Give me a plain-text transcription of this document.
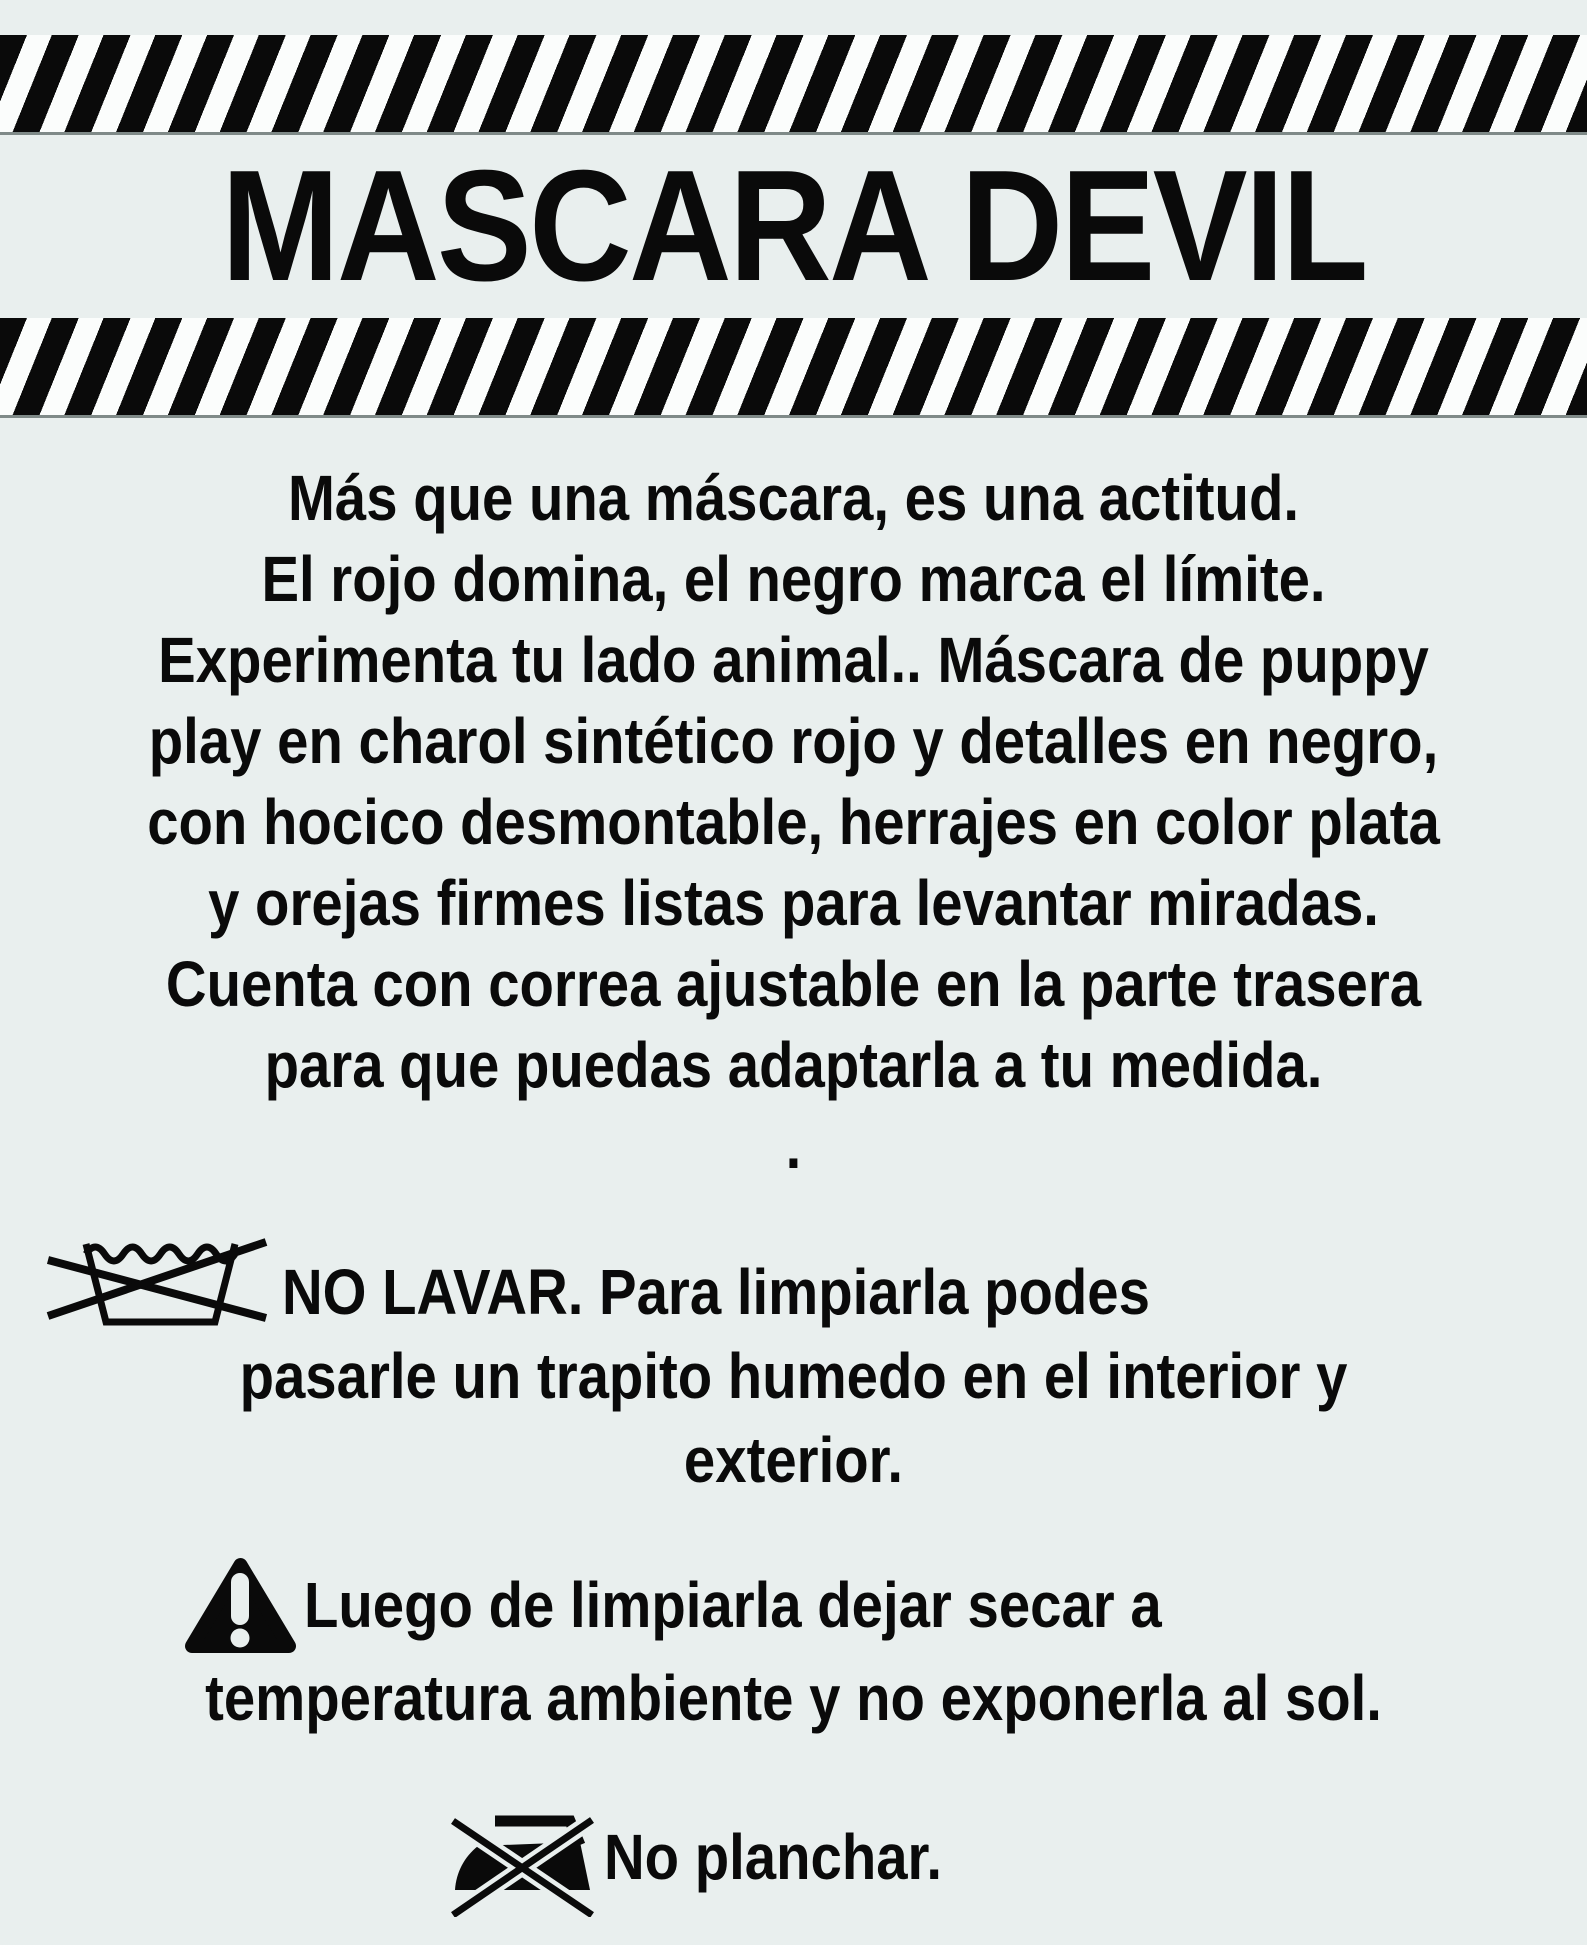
MASCARA DEVIL
Más que una máscara, es una actitud.
El rojo domina, el negro marca el límite.
Experimenta tu lado animal.. Máscara de puppy
play en charol sintético rojo y detalles en negro,
con hocico desmontable, herrajes en color plata
y orejas firmes listas para levantar miradas.
Cuenta con correa ajustable en la parte trasera
para que puedas adaptarla a tu medida.
.
NO LAVAR. Para limpiarla podes
pasarle un trapito humedo en el interior y
exterior.
Luego de limpiarla dejar secar a
temperatura ambiente y no exponerla al sol.
No planchar.
